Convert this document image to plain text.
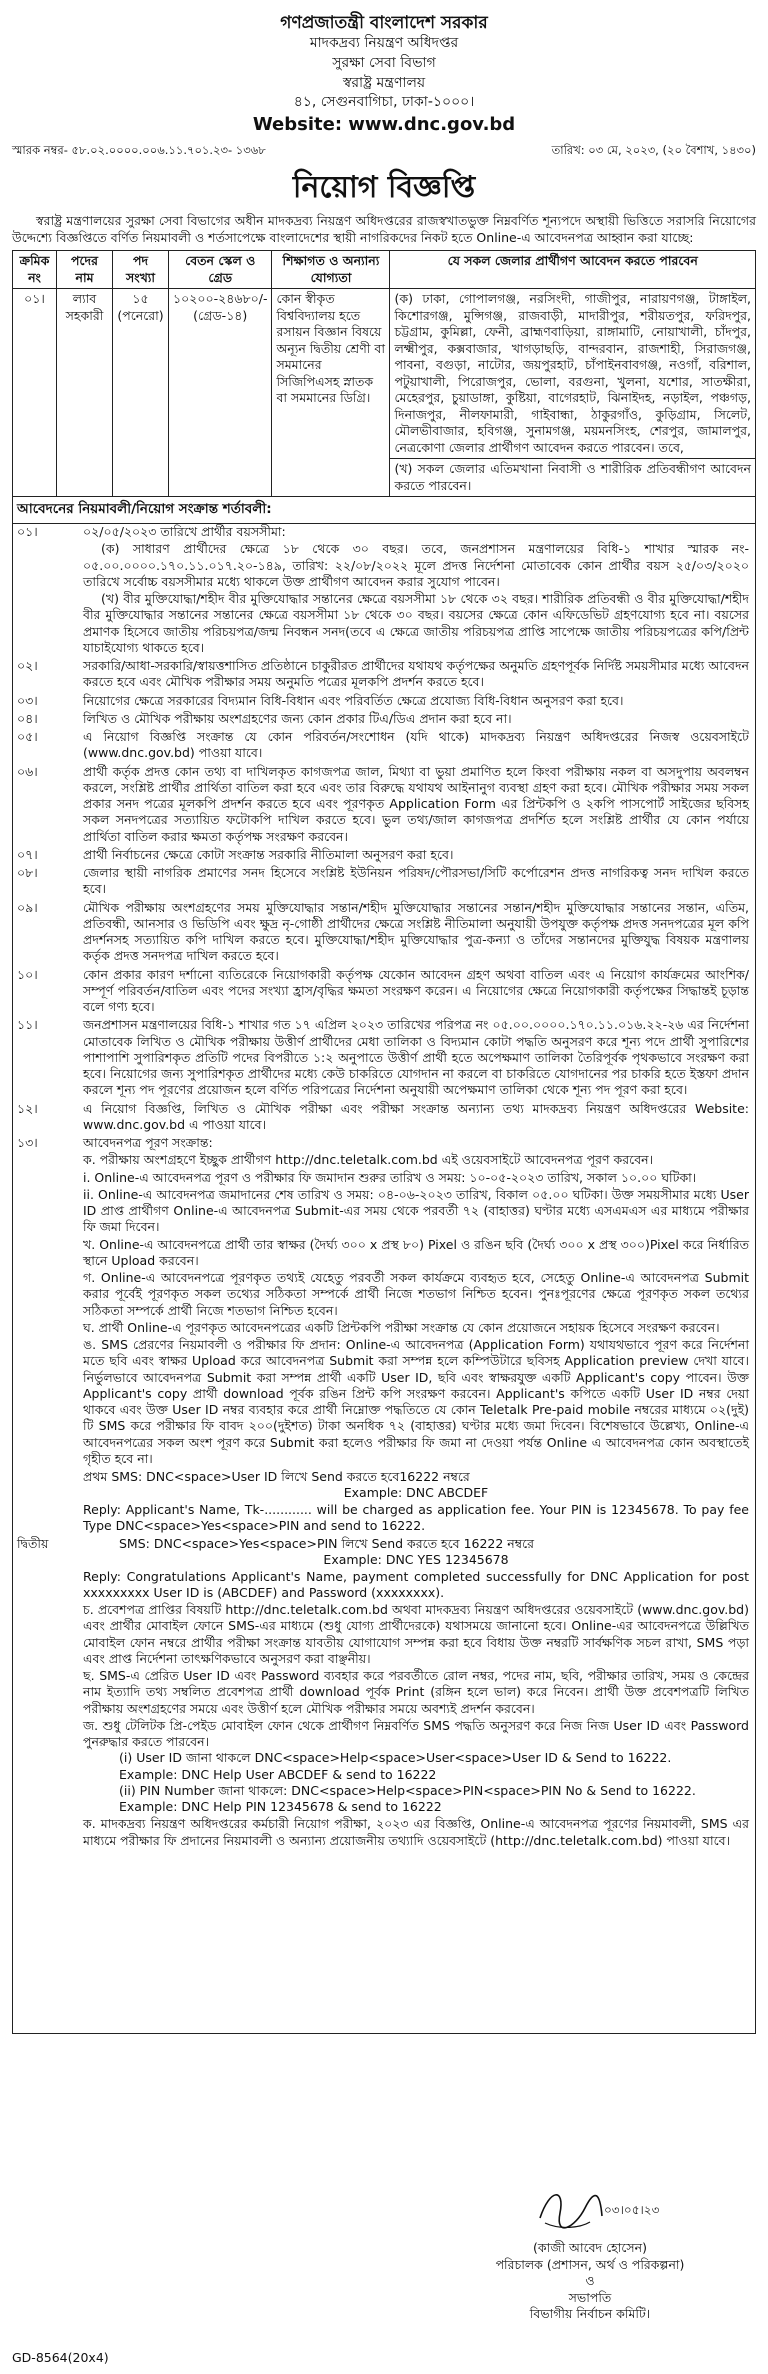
গণপ্রজাতন্ত্রী বাংলাদেশ সরকার
মাদকদ্রব্য নিয়ন্ত্রণ অধিদপ্তর
সুরক্ষা সেবা বিভাগ
স্বরাষ্ট্র মন্ত্রণালয়
৪১, সেগুনবাগিচা, ঢাকা-১০০০।
Website: www.dnc.gov.bd
স্মারক নম্বর- ৫৮.০২.০০০০.০০৬.১১.৭০১.২৩- ১৩৬৮	তারিখ: ০৩ মে, ২০২৩, (২০ বৈশাখ, ১৪৩০)
নিয়োগ বিজ্ঞপ্তি

স্বরাষ্ট্র মন্ত্রণালয়ের সুরক্ষা সেবা বিভাগের অধীন মাদকদ্রব্য নিয়ন্ত্রণ অধিদপ্তরের রাজস্বখাতভুক্ত নিম্নবর্ণিত শূন্যপদে অস্থায়ী ভিত্তিতে সরাসরি নিয়োগের উদ্দেশ্যে বিজ্ঞপ্তিতে বর্ণিত নিয়মাবলী ও শর্তসাপেক্ষে বাংলাদেশের স্থায়ী নাগরিকদের নিকট হতে Online-এ আবেদনপত্র আহ্বান করা যাচ্ছে:

ক্রমিক নং	পদের নাম	পদ সংখ্যা	বেতন স্কেল ও গ্রেড	শিক্ষাগত ও অন্যান্য যোগ্যতা	যে সকল জেলার প্রার্থীগণ আবেদন করতে পারবেন
০১।	ল্যাব সহকারী	১৫ (পনেরো)	১০২০০-২৪৬৮০/- (গ্রেড-১৪)	কোন স্বীকৃত বিশ্ববিদ্যালয় হতে রসায়ন বিজ্ঞান বিষয়ে অন্যূন দ্বিতীয় শ্রেণী বা সমমানের সিজিপিএসহ স্নাতক বা সমমানের ডিগ্রি।	(ক) ঢাকা, গোপালগঞ্জ, নরসিংদী, গাজীপুর, নারায়ণগঞ্জ, টাঙ্গাইল, কিশোরগঞ্জ, মুন্সিগঞ্জ, রাজবাড়ী, মাদারীপুর, শরীয়তপুর, ফরিদপুর, চট্টগ্রাম, কুমিল্লা, ফেনী, ব্রাহ্মণবাড়িয়া, রাঙ্গামাটি, নোয়াখালী, চাঁদপুর, লক্ষ্মীপুর, কক্সবাজার, খাগড়াছড়ি, বান্দরবান, রাজশাহী, সিরাজগঞ্জ, পাবনা, বগুড়া, নাটোর, জয়পুরহাট, চাঁপাইনবাবগঞ্জ, নওগাঁ, বরিশাল, পটুয়াখালী, পিরোজপুর, ভোলা, বরগুনা, খুলনা, যশোর, সাতক্ষীরা, মেহেরপুর, চুয়াডাঙ্গা, কুষ্টিয়া, বাগেরহাট, ঝিনাইদহ, নড়াইল, পঞ্চগড়, দিনাজপুর, নীলফামারী, গাইবান্ধা, ঠাকুরগাঁও, কুড়িগ্রাম, সিলেট, মৌলভীবাজার, হবিগঞ্জ, সুনামগঞ্জ, ময়মনসিংহ, শেরপুর, জামালপুর, নেত্রকোণা জেলার প্রার্থীগণ আবেদন করতে পারবেন। তবে,
(খ) সকল জেলার এতিমখানা নিবাসী ও শারীরিক প্রতিবন্ধীগণ আবেদন করতে পারবেন।
আবেদনের নিয়মাবলী/নিয়োগ সংক্রান্ত শর্তাবলী:
০১।	০২/০৫/২০২৩ তারিখে প্রার্থীর বয়সসীমা:
(ক) সাধারণ প্রার্থীদের ক্ষেত্রে ১৮ থেকে ৩০ বছর। তবে, জনপ্রশাসন মন্ত্রণালয়ের বিধি-১ শাখার স্মারক নং- ০৫.০০.০০০০.১৭০.১১.০১৭.২০-১৪৯, তারিখ: ২২/০৮/২০২২ মূলে প্রদত্ত নির্দেশনা মোতাবেক কোন প্রার্থীর বয়স ২৫/০৩/২০২০ তারিখে সর্বোচ্চ বয়সসীমার মধ্যে থাকলে উক্ত প্রার্থীগণ আবেদন করার সুযোগ পাবেন।
(খ) বীর মুক্তিযোদ্ধা/শহীদ বীর মুক্তিযোদ্ধার সন্তানের ক্ষেত্রে বয়সসীমা ১৮ থেকে ৩২ বছর। শারীরিক প্রতিবন্ধী ও বীর মুক্তিযোদ্ধা/শহীদ বীর মুক্তিযোদ্ধার সন্তানের সন্তানের ক্ষেত্রে বয়সসীমা ১৮ থেকে ৩০ বছর। বয়সের ক্ষেত্রে কোন এফিডেভিট গ্রহণযোগ্য হবে না। বয়সের প্রমাণক হিসেবে জাতীয় পরিচয়পত্র/জন্ম নিবন্ধন সনদ(তবে এ ক্ষেত্রে জাতীয় পরিচয়পত্র প্রাপ্তি সাপেক্ষে জাতীয় পরিচয়পত্রের কপি/প্রিন্ট যাচাইযোগ্য থাকতে হবে।
০২।	সরকারি/আধা-সরকারি/স্বায়ত্তশাসিত প্রতিষ্ঠানে চাকুরীরত প্রার্থীদের যথাযথ কর্তৃপক্ষের অনুমতি গ্রহণপূর্বক নির্দিষ্ট সময়সীমার মধ্যে আবেদন করতে হবে এবং মৌখিক পরীক্ষার সময় অনুমতি পত্রের মূলকপি প্রদর্শন করতে হবে।
০৩।	নিয়োগের ক্ষেত্রে সরকারের বিদ্যমান বিধি-বিধান এবং পরিবর্তিত ক্ষেত্রে প্রযোজ্য বিধি-বিধান অনুসরণ করা হবে।
০৪।	লিখিত ও মৌখিক পরীক্ষায় অংশগ্রহণের জন্য কোন প্রকার টিএ/ডিএ প্রদান করা হবে না।
০৫।	এ নিয়োগ বিজ্ঞপ্তি সংক্রান্ত যে কোন পরিবর্তন/সংশোধন (যদি থাকে) মাদকদ্রব্য নিয়ন্ত্রণ অধিদপ্তরের নিজস্ব ওয়েবসাইটে (www.dnc.gov.bd) পাওয়া যাবে।
০৬।	প্রার্থী কর্তৃক প্রদত্ত কোন তথ্য বা দাখিলকৃত কাগজপত্র জাল, মিথ্যা বা ভুয়া প্রমাণিত হলে কিংবা পরীক্ষায় নকল বা অসদুপায় অবলম্বন করলে, সংশ্লিষ্ট প্রার্থীর প্রার্থিতা বাতিল করা হবে এবং তার বিরুদ্ধে যথাযথ আইনানুগ ব্যবস্থা গ্রহণ করা হবে। মৌখিক পরীক্ষার সময় সকল প্রকার সনদ পত্রের মূলকপি প্রদর্শন করতে হবে এবং পূরণকৃত Application Form এর প্রিন্টকপি ও ২কপি পাসপোর্ট সাইজের ছবিসহ সকল সনদপত্রের সত্যায়িত ফটোকপি দাখিল করতে হবে। ভুল তথ্য/জাল কাগজপত্র প্রদর্শিত হলে সংশ্লিষ্ট প্রার্থীর যে কোন পর্যায়ে প্রার্থিতা বাতিল করার ক্ষমতা কর্তৃপক্ষ সংরক্ষণ করবেন।
০৭।	প্রার্থী নির্বাচনের ক্ষেত্রে কোটা সংক্রান্ত সরকারি নীতিমালা অনুসরণ করা হবে।
০৮।	জেলার স্থায়ী নাগরিক প্রমাণের সনদ হিসেবে সংশ্লিষ্ট ইউনিয়ন পরিষদ/পৌরসভা/সিটি কর্পোরেশন প্রদত্ত নাগরিকত্ব সনদ দাখিল করতে হবে।
০৯।	মৌখিক পরীক্ষায় অংশগ্রহণের সময় মুক্তিযোদ্ধার সন্তান/শহীদ মুক্তিযোদ্ধার সন্তানের সন্তান/শহীদ মুক্তিযোদ্ধার সন্তানের সন্তান, এতিম, প্রতিবন্ধী, আনসার ও ভিডিপি এবং ক্ষুদ্র নৃ-গোষ্ঠী প্রার্থীদের ক্ষেত্রে সংশ্লিষ্ট নীতিমালা অনুযায়ী উপযুক্ত কর্তৃপক্ষ প্রদত্ত সনদপত্রের মূল কপি প্রদর্শনসহ সত্যায়িত কপি দাখিল করতে হবে। মুক্তিযোদ্ধা/শহীদ মুক্তিযোদ্ধার পুত্র-কন্যা ও তাঁদের সন্তানদের মুক্তিযুদ্ধ বিষয়ক মন্ত্রণালয় কর্তৃক প্রদত্ত সনদপত্র দাখিল করতে হবে।
১০।	কোন প্রকার কারণ দর্শানো ব্যতিরেকে নিয়োগকারী কর্তৃপক্ষ যেকোন আবেদন গ্রহণ অথবা বাতিল এবং এ নিয়োগ কার্যক্রমের আংশিক/সম্পূর্ণ পরিবর্তন/বাতিল এবং পদের সংখ্যা হ্রাস/বৃদ্ধির ক্ষমতা সংরক্ষণ করেন। এ নিয়োগের ক্ষেত্রে নিয়োগকারী কর্তৃপক্ষের সিদ্ধান্তই চূড়ান্ত বলে গণ্য হবে।
১১।	জনপ্রশাসন মন্ত্রণালয়ের বিধি-১ শাখার গত ১৭ এপ্রিল ২০২৩ তারিখের পরিপত্র নং ০৫.০০.০০০০.১৭০.১১.০১৬.২২-২৬ এর নির্দেশনা মোতাবেক লিখিত ও মৌখিক পরীক্ষায় উত্তীর্ণ প্রার্থীদের মেধা তালিকা ও বিদ্যমান কোটা পদ্ধতি অনুসরণ করে শূন্য পদে প্রার্থী সুপারিশের পাশাপাশি সুপারিশকৃত প্রতিটি পদের বিপরীতে ১:২ অনুপাতে উত্তীর্ণ প্রার্থী হতে অপেক্ষমাণ তালিকা তৈরিপূর্বক পৃথকভাবে সংরক্ষণ করা হবে। নিয়োগের জন্য সুপারিশকৃত প্রার্থীদের মধ্যে কেউ চাকরিতে যোগদান না করলে বা চাকরিতে যোগদানের পর চাকরি হতে ইস্তফা প্রদান করলে শূন্য পদ পূরণের প্রয়োজন হলে বর্ণিত পরিপত্রের নির্দেশনা অনুযায়ী অপেক্ষমাণ তালিকা থেকে শূন্য পদ পূরণ করা হবে।
১২।	এ নিয়োগ বিজ্ঞপ্তি, লিখিত ও মৌখিক পরীক্ষা এবং পরীক্ষা সংক্রান্ত অন্যান্য তথ্য মাদকদ্রব্য নিয়ন্ত্রণ অধিদপ্তরের Website: www.dnc.gov.bd এ পাওয়া যাবে।
১৩।	আবেদনপত্র পূরণ সংক্রান্ত:
ক. পরীক্ষায় অংশগ্রহণে ইচ্ছুক প্রার্থীগণ http://dnc.teletalk.com.bd এই ওয়েবসাইটে আবেদনপত্র পূরণ করবেন।
i. Online-এ আবেদনপত্র পূরণ ও পরীক্ষার ফি জমাদান শুরুর তারিখ ও সময়: ১০-০৫-২০২৩ তারিখ, সকাল ১০.০০ ঘটিকা।
ii. Online-এ আবেদনপত্র জমাদানের শেষ তারিখ ও সময়: ০৪-০৬-২০২৩ তারিখ, বিকাল ০৫.০০ ঘটিকা। উক্ত সময়সীমার মধ্যে User ID প্রাপ্ত প্রার্থীগণ Online-এ আবেদনপত্র Submit-এর সময় থেকে পরবর্তী ৭২ (বাহাত্তর) ঘণ্টার মধ্যে এসএমএস এর মাধ্যমে পরীক্ষার ফি জমা দিবেন।
খ. Online-এ আবেদনপত্রে প্রার্থী তার স্বাক্ষর (দৈর্ঘ্য ৩০০ x প্রস্থ ৮০) Pixel ও রঙিন ছবি (দৈর্ঘ্য ৩০০ x প্রস্থ ৩০০)Pixel করে নির্ধারিত স্থানে Upload করবেন।
গ. Online-এ আবেদনপত্রে পূরণকৃত তথ্যই যেহেতু পরবর্তী সকল কার্যক্রমে ব্যবহৃত হবে, সেহেতু Online-এ আবেদনপত্র Submit করার পূর্বেই পূরণকৃত সকল তথ্যের সঠিকতা সম্পর্কে প্রার্থী নিজে শতভাগ নিশ্চিত হবেন। পুনঃপূরণের ক্ষেত্রে পূরণকৃত সকল তথ্যের সঠিকতা সম্পর্কে প্রার্থী নিজে শতভাগ নিশ্চিত হবেন।
ঘ. প্রার্থী Online-এ পূরণকৃত আবেদনপত্রের একটি প্রিন্টকপি পরীক্ষা সংক্রান্ত যে কোন প্রয়োজনে সহায়ক হিসেবে সংরক্ষণ করবেন।
ঙ. SMS প্রেরণের নিয়মাবলী ও পরীক্ষার ফি প্রদান: Online-এ আবেদনপত্র (Application Form) যথাযথভাবে পূরণ করে নির্দেশনা মতে ছবি এবং স্বাক্ষর Upload করে আবেদনপত্র Submit করা সম্পন্ন হলে কম্পিউটারে ছবিসহ Application preview দেখা যাবে। নির্ভুলভাবে আবেদনপত্র Submit করা সম্পন্ন প্রার্থী একটি User ID, ছবি এবং স্বাক্ষরযুক্ত একটি Applicant's copy পাবেন। উক্ত Applicant's copy প্রার্থী download পূর্বক রঙিন প্রিন্ট কপি সংরক্ষণ করবেন। Applicant's কপিতে একটি User ID নম্বর দেয়া থাকবে এবং উক্ত User ID নম্বর ব্যবহার করে প্রার্থী নিম্নোক্ত পদ্ধতিতে যে কোন Teletalk Pre-paid mobile নম্বরের মাধ্যমে ০২(দুই) টি SMS করে পরীক্ষার ফি বাবদ ২০০(দুইশত) টাকা অনধিক ৭২ (বাহাত্তর) ঘণ্টার মধ্যে জমা দিবেন। বিশেষভাবে উল্লেখ্য, Online-এ আবেদনপত্রের সকল অংশ পূরণ করে Submit করা হলেও পরীক্ষার ফি জমা না দেওয়া পর্যন্ত Online এ আবেদনপত্র কোন অবস্থাতেই গৃহীত হবে না।
প্রথম SMS: DNC<space>User ID লিখে Send করতে হবে16222 নম্বরে
Example: DNC ABCDEF
Reply: Applicant's Name, Tk-............ will be charged as application fee. Your PIN is 12345678. To pay fee Type DNC<space>Yes<space>PIN and send to 16222.
দ্বিতীয়	SMS: DNC<space>Yes<space>PIN লিখে Send করতে হবে 16222 নম্বরে
Example: DNC YES 12345678
Reply: Congratulations Applicant's Name, payment completed successfully for DNC Application for post xxxxxxxxx User ID is (ABCDEF) and Password (xxxxxxxx).
চ. প্রবেশপত্র প্রাপ্তির বিষয়টি http://dnc.teletalk.com.bd অথবা মাদকদ্রব্য নিয়ন্ত্রণ অধিদপ্তরের ওয়েবসাইটে (www.dnc.gov.bd) এবং প্রার্থীর মোবাইল ফোনে SMS-এর মাধ্যমে (শুধু যোগ্য প্রার্থীদেরকে) যথাসময়ে জানানো হবে। Online-এর আবেদনপত্রে উল্লিখিত মোবাইল ফোন নম্বরে প্রার্থীর পরীক্ষা সংক্রান্ত যাবতীয় যোগাযোগ সম্পন্ন করা হবে বিধায় উক্ত নম্বরটি সার্বক্ষণিক সচল রাখা, SMS পড়া এবং প্রাপ্ত নির্দেশনা তাৎক্ষণিকভাবে অনুসরণ করা বাঞ্ছনীয়।
ছ. SMS-এ প্রেরিত User ID এবং Password ব্যবহার করে পরবর্তীতে রোল নম্বর, পদের নাম, ছবি, পরীক্ষার তারিখ, সময় ও কেন্দ্রের নাম ইত্যাদি তথ্য সম্বলিত প্রবেশপত্র প্রার্থী download পূর্বক Print (রঙ্গিন হলে ভাল) করে নিবেন। প্রার্থী উক্ত প্রবেশপত্রটি লিখিত পরীক্ষায় অংশগ্রহণের সময়ে এবং উত্তীর্ণ হলে মৌখিক পরীক্ষার সময়ে অবশ্যই প্রদর্শন করবেন।
জ. শুধু টেলিটক প্রি-পেইড মোবাইল ফোন থেকে প্রার্থীগণ নিম্নবর্ণিত SMS পদ্ধতি অনুসরণ করে নিজ নিজ User ID এবং Password পুনরুদ্ধার করতে পারবেন।
(i) User ID জানা থাকলে DNC<space>Help<space>User<space>User ID & Send to 16222.
Example: DNC Help User ABCDEF & send to 16222
(ii) PIN Number জানা থাকলে: DNC<space>Help<space>PIN<space>PIN No & Send to 16222.
Example: DNC Help PIN 12345678 & send to 16222
ক. মাদকদ্রব্য নিয়ন্ত্রণ অধিদপ্তরের কর্মচারী নিয়োগ পরীক্ষা, ২০২৩ এর বিজ্ঞপ্তি, Online-এ আবেদনপত্র পূরণের নিয়মাবলী, SMS এর মাধ্যমে পরীক্ষার ফি প্রদানের নিয়মাবলী ও অন্যান্য প্রয়োজনীয় তথ্যাদি ওয়েবসাইটে (http://dnc.teletalk.com.bd) পাওয়া যাবে।
০৩।০৫।২৩
(কাজী আবেদ হোসেন)
পরিচালক (প্রশাসন, অর্থ ও পরিকল্পনা)
ও
সভাপতি
বিভাগীয় নির্বাচন কমিটি।
GD-8564(20x4)
